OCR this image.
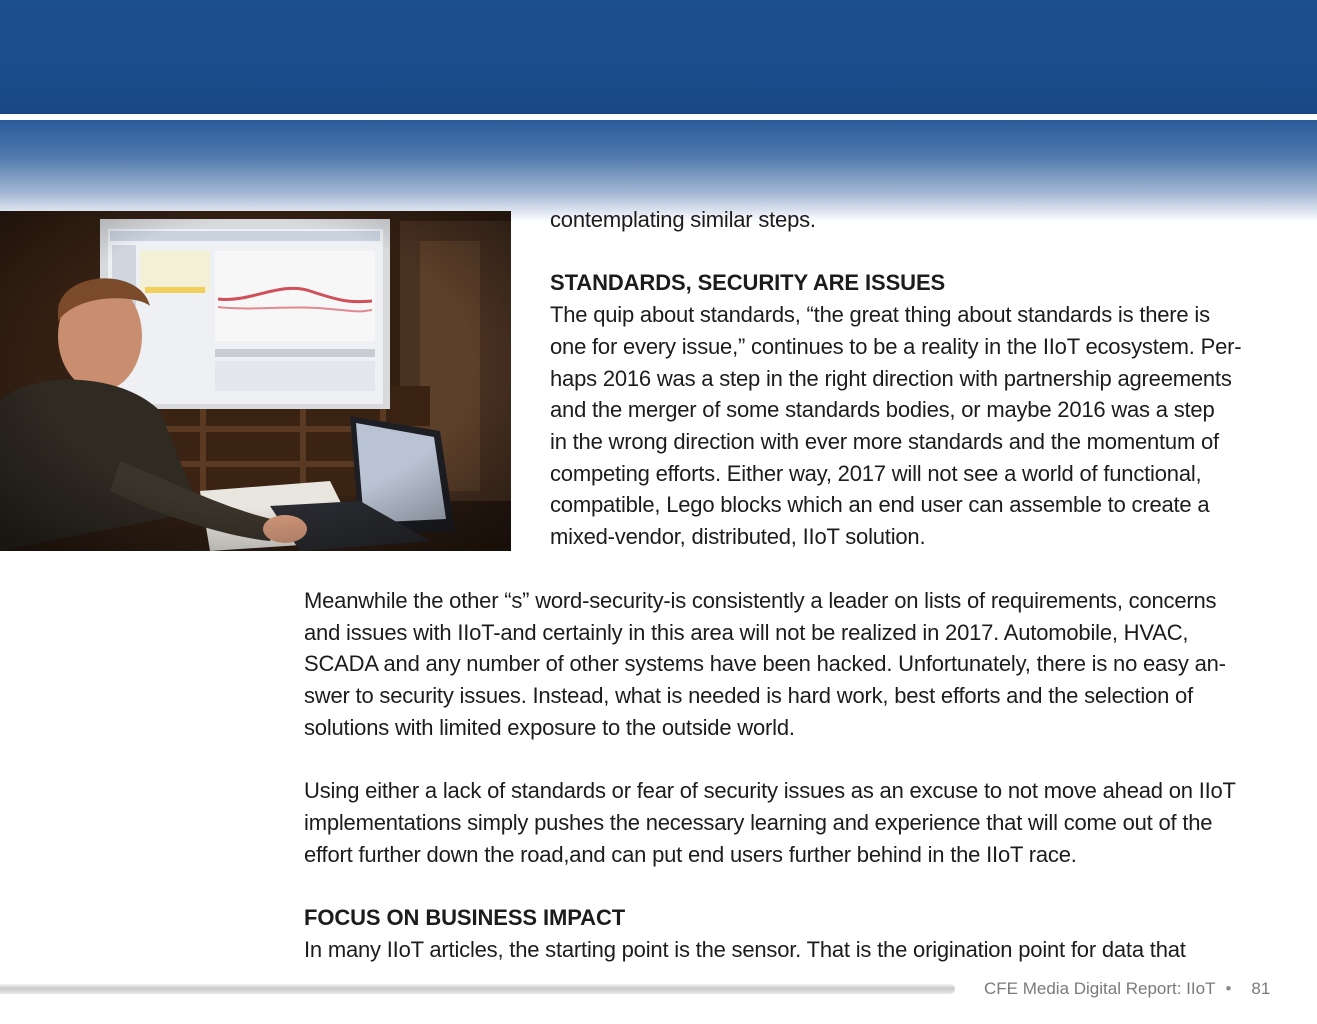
contemplating similar steps.

STANDARDS, SECURITY ARE ISSUES

The quip about standards, “the great thing about standards is there is

one for every issue,” continues to be a reality in the IIoT ecosystem. Per-

haps 2016 was a step in the right direction with partnership agreements

and the merger of some standards bodies, or maybe 2016 was a step

in the wrong direction with ever more standards and the momentum of

competing efforts. Either way, 2017 will not see a world of functional,

compatible, Lego blocks which an end user can assemble to create a

mixed-vendor, distributed, IIoT solution.

Meanwhile the other “s” word-security-is consistently a leader on lists of requirements, concerns

and issues with IIoT-and certainly in this area will not be realized in 2017. Automobile, HVAC,

SCADA and any number of other systems have been hacked. Unfortunately, there is no easy an-

swer to security issues. Instead, what is needed is hard work, best efforts and the selection of

solutions with limited exposure to the outside world.

Using either a lack of standards or fear of security issues as an excuse to not move ahead on IIoT

implementations simply pushes the necessary learning and experience that will come out of the

effort further down the road,and can put end users further behind in the IIoT race.

FOCUS ON BUSINESS IMPACT

In many IIoT articles, the starting point is the sensor. That is the origination point for data that

CFE Media Digital Report: IIoT • 81
